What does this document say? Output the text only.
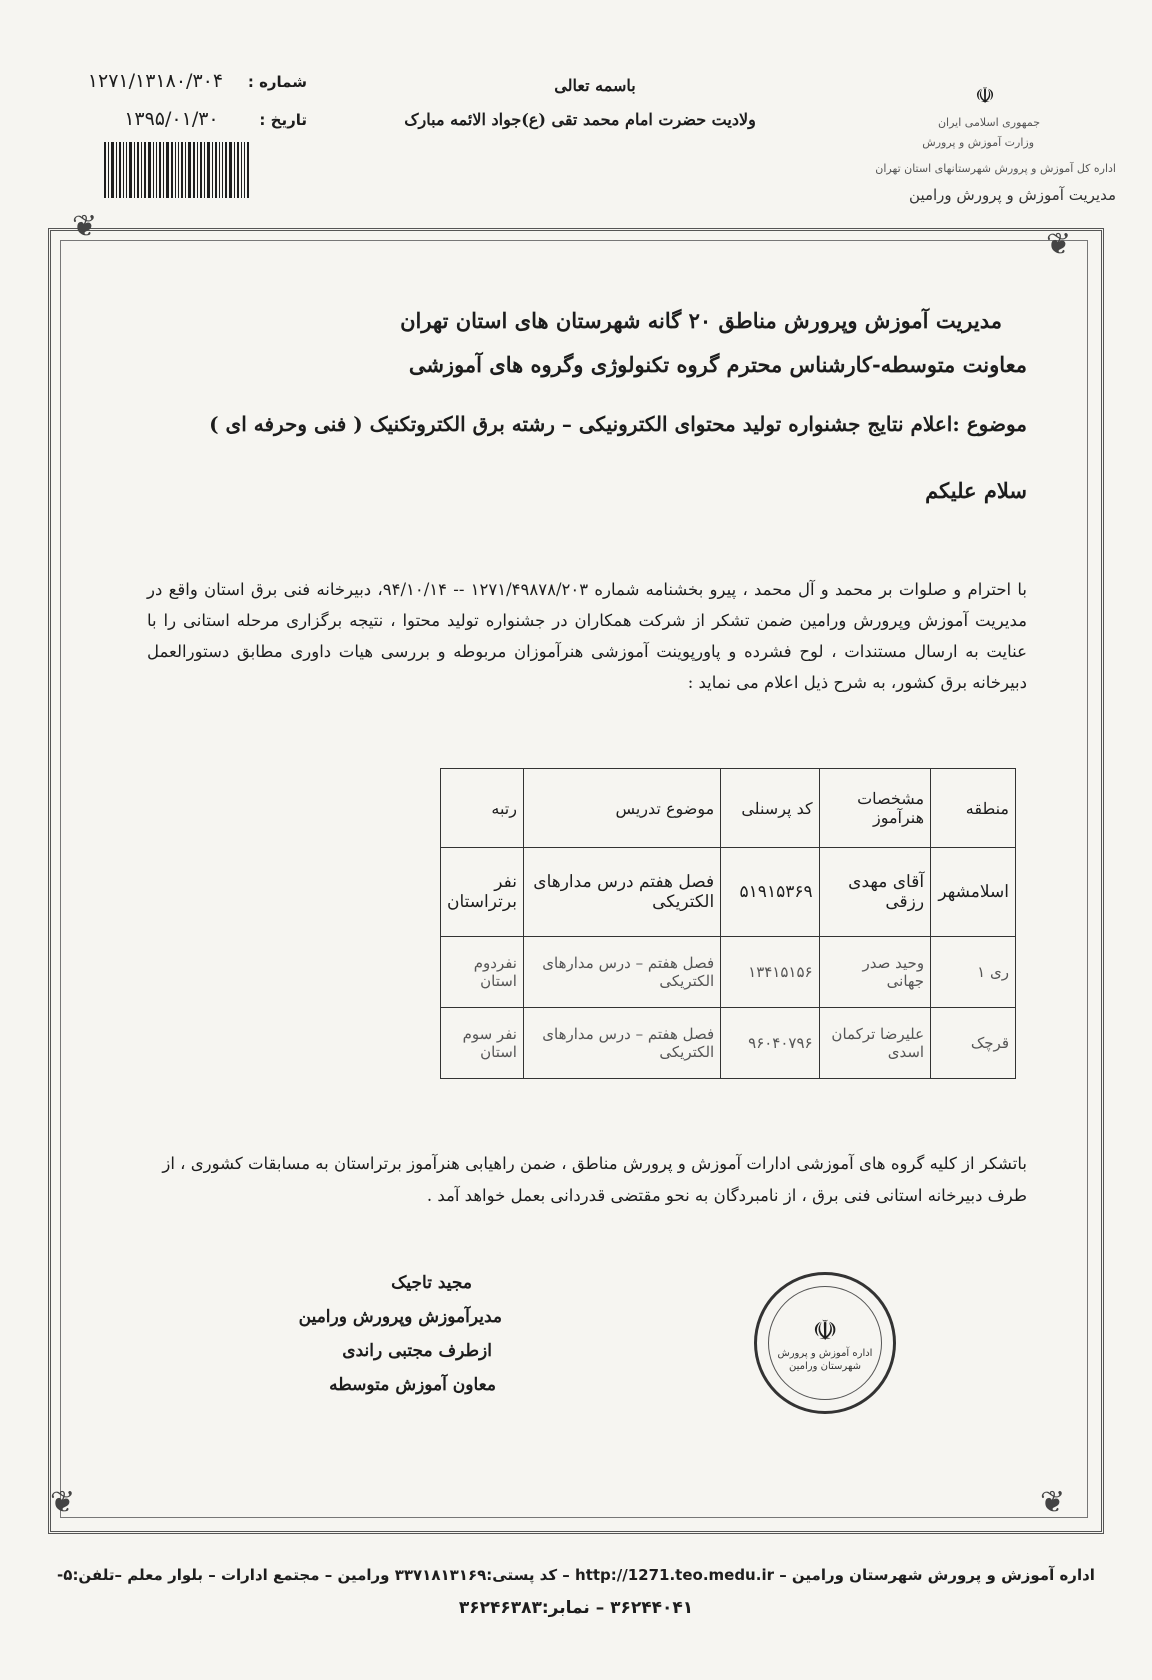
☫
جمهوری اسلامی ایران
وزارت آموزش و پرورش
اداره کل آموزش و پرورش شهرستانهای استان تهران
مدیریت آموزش و پرورش ورامین
باسمه تعالی
ولادیت حضرت امام محمد تقی (ع)جواد الائمه مبارک
شماره : ۱۲۷۱/۱۳۱۸۰/۳۰۴
تاریخ : ۱۳۹۵/۰۱/۳۰
❦
❦
❦	❦
مدیریت آموزش وپرورش مناطق ۲۰ گانه شهرستان های استان تهران
معاونت متوسطه-کارشناس محترم گروه تکنولوژی وگروه های آموزشی
موضوع :اعلام نتایج جشنواره تولید محتوای الکترونیکی – رشته برق الکتروتکنیک ( فنی وحرفه ای )
سلام علیکم
با احترام و صلوات بر محمد و آل محمد ، پیرو بخشنامه شماره ۱۲۷۱/۴۹۸۷۸/۲۰۳ -- ۹۴/۱۰/۱۴، دبیرخانه فنی برق استان واقع در مدیریت آموزش وپرورش ورامین ضمن تشکر از شرکت همکاران در جشنواره تولید محتوا ، نتیجه برگزاری مرحله استانی را با عنایت به ارسال مستندات ، لوح فشرده و پاورپوینت آموزشی هنرآموزان مربوطه و بررسی هیات داوری مطابق دستورالعمل دبیرخانه برق کشور، به شرح ذیل اعلام می نماید :
منطقه	مشخصات هنرآموز	کد پرسنلی	موضوع تدریس	رتبه
اسلامشهر	آقای مهدی رزقی	۵۱۹۱۵۳۶۹	فصل هفتم درس مدارهای الکتریکی	نفر برتراستان
ری ۱	وحید صدر جهانی	۱۳۴۱۵۱۵۶	فصل هفتم – درس مدارهای الکتریکی	نفردوم استان
قرچک	علیرضا ترکمان اسدی	۹۶۰۴۰۷۹۶	فصل هفتم – درس مدارهای الکتریکی	نفر سوم استان
باتشکر از کلیه گروه های آموزشی ادارات آموزش و پرورش مناطق ، ضمن راهیابی هنرآموز برتراستان به مسابقات کشوری ، از طرف دبیرخانه استانی فنی برق ، از نامبردگان به نحو مقتضی قدردانی بعمل خواهد آمد .
مجید تاجیک
مدیرآموزش وپرورش ورامین
ازطرف مجتبی راندی
معاون آموزش متوسطه
☫
اداره آموزش و پرورش شهرستان ورامین
اداره آموزش و پرورش شهرستان ورامین – http://1271.teo.medu.ir – کد پستی:۳۳۷۱۸۱۳۱۶۹ ورامین – مجتمع ادارات – بلوار معلم –تلفن:۵-
۳۶۲۴۴۰۴۱ – نمابر:۳۶۲۴۶۳۸۳
